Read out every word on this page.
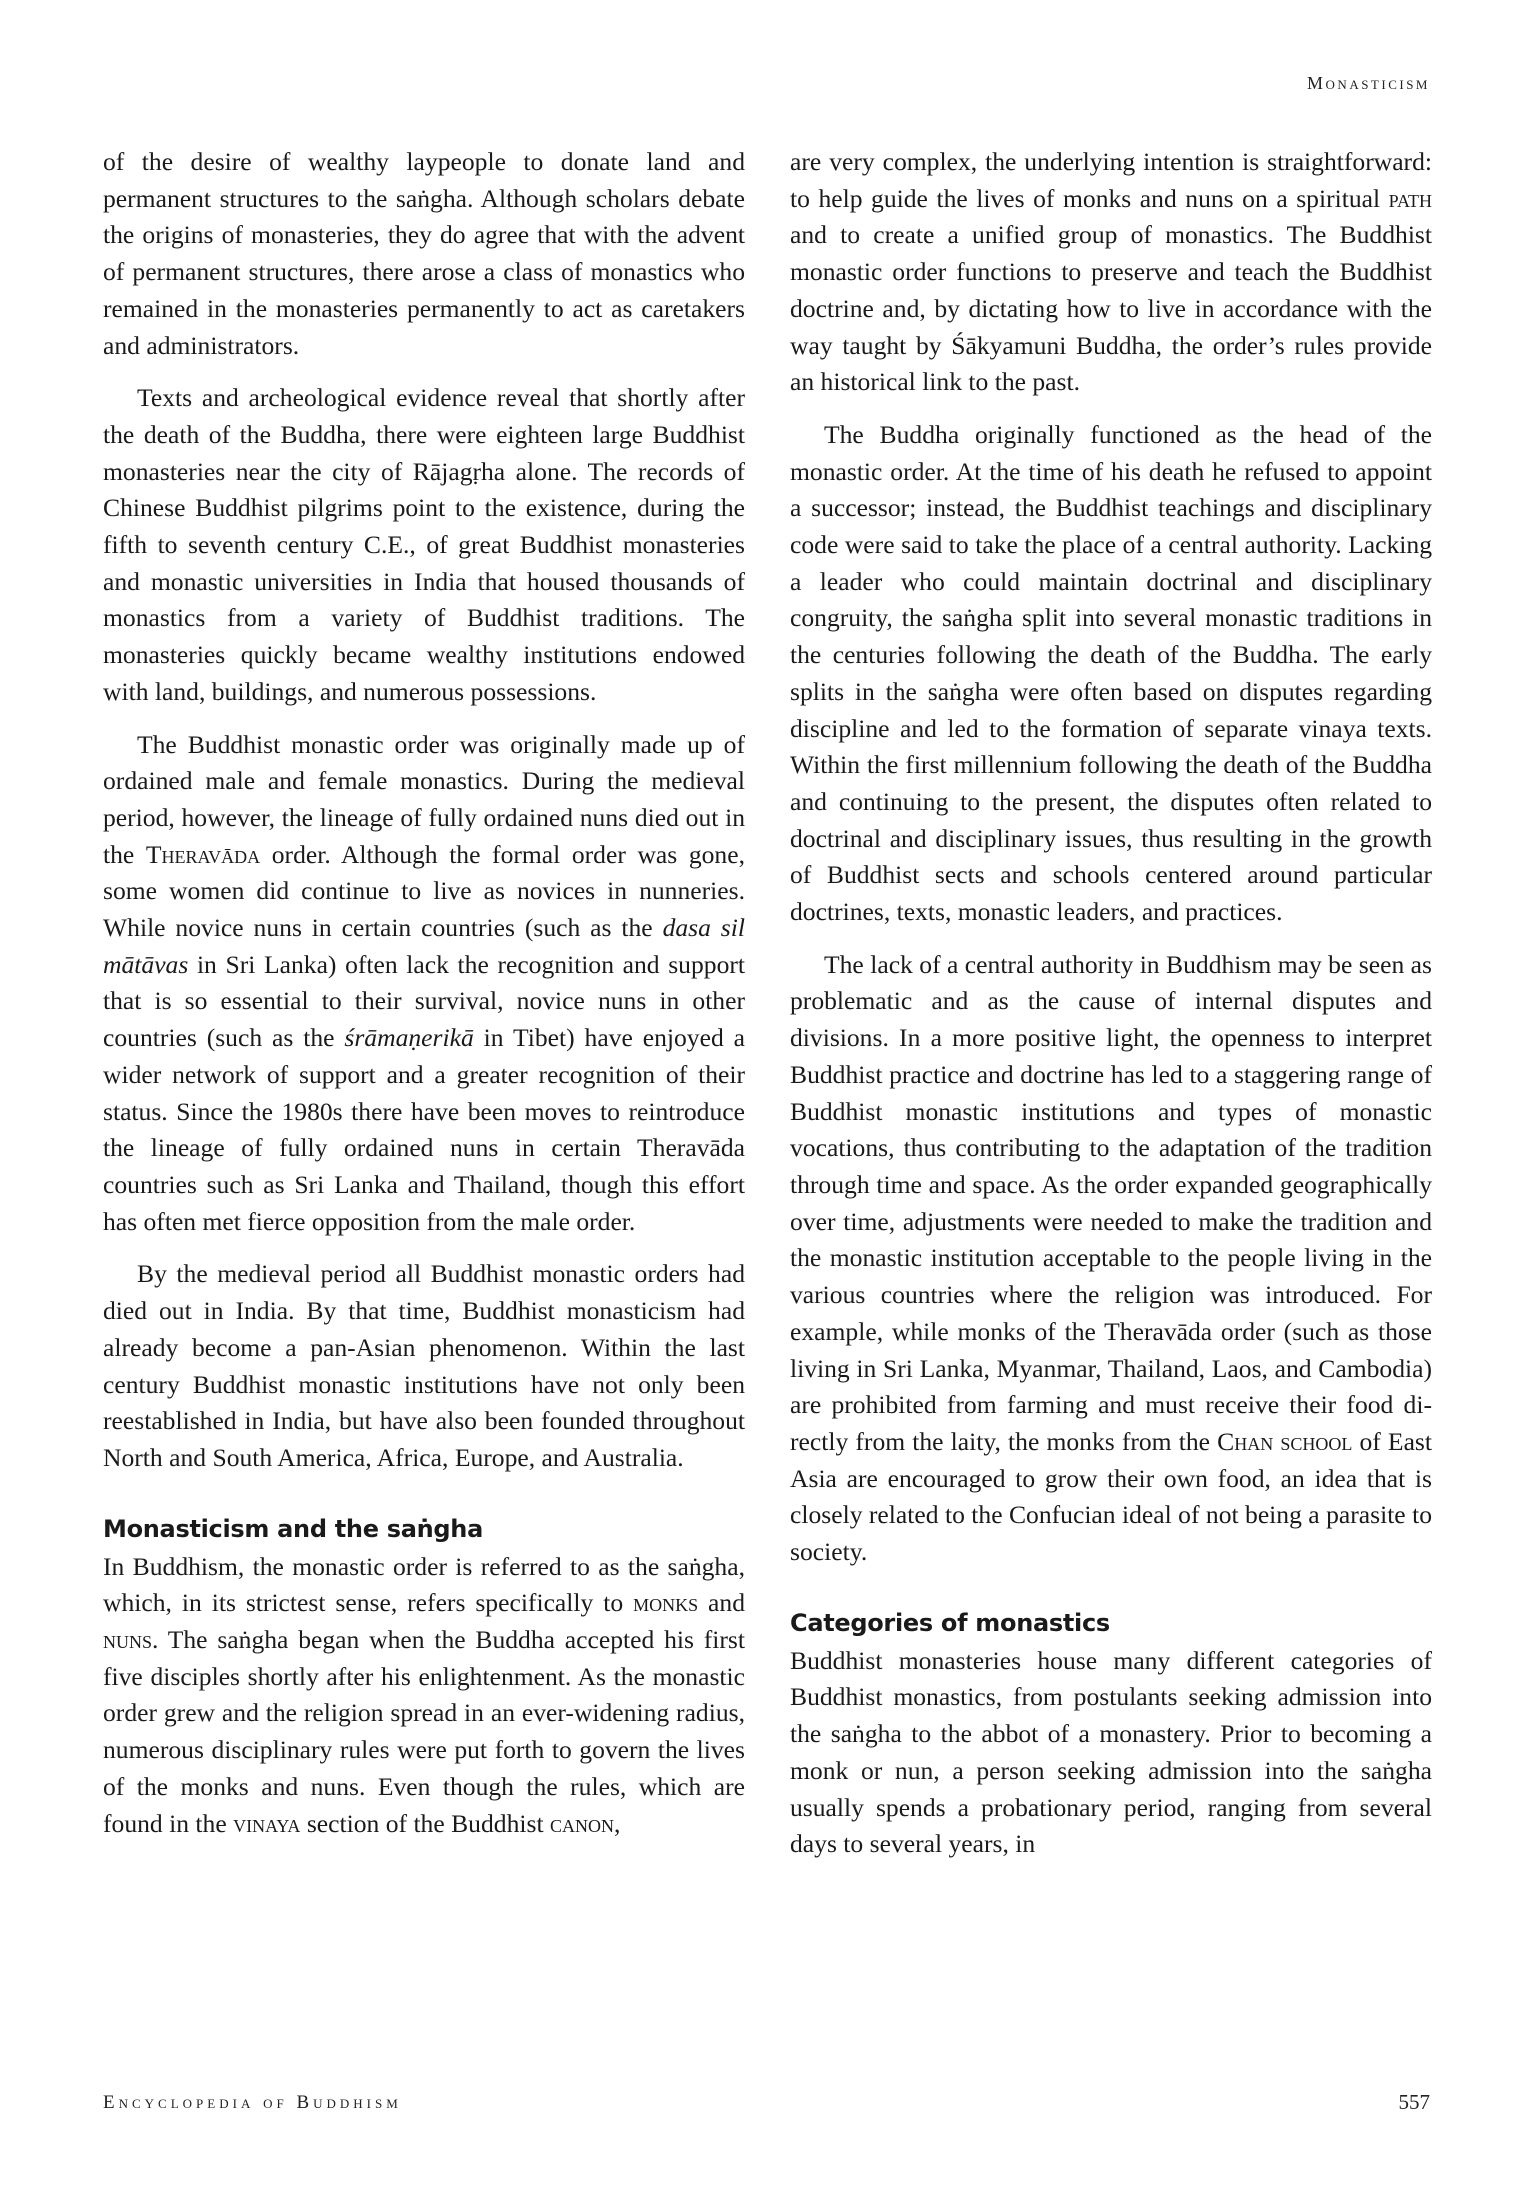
Monasticism

of the desire of wealthy laypeople to donate land and permanent structures to the saṅgha. Although scholars debate the origins of monasteries, they do agree that with the advent of permanent structures, there arose a class of monastics who remained in the monasteries permanently to act as caretakers and administrators.

Texts and archeological evidence reveal that shortly after the death of the Buddha, there were eighteen large Buddhist monasteries near the city of Rājagṛha alone. The records of Chinese Buddhist pilgrims point to the existence, during the fifth to seventh century C.E., of great Buddhist monasteries and monastic universities in India that housed thousands of monastics from a variety of Buddhist traditions. The monasteries quickly became wealthy institutions endowed with land, buildings, and numerous possessions.

The Buddhist monastic order was originally made up of ordained male and female monastics. During the medieval period, however, the lineage of fully ordained nuns died out in the Theravāda order. Although the formal order was gone, some women did continue to live as novices in nunneries. While novice nuns in certain countries (such as the dasa sil mātāvas in Sri Lanka) often lack the recognition and support that is so essential to their survival, novice nuns in other countries (such as the śrāmaṇerikā in Tibet) have enjoyed a wider network of support and a greater recognition of their status. Since the 1980s there have been moves to reintroduce the lineage of fully ordained nuns in certain Theravāda countries such as Sri Lanka and Thailand, though this effort has often met fierce opposition from the male order.

By the medieval period all Buddhist monastic orders had died out in India. By that time, Buddhist monasticism had already become a pan-Asian phenomenon. Within the last century Buddhist monastic institutions have not only been reestablished in India, but have also been founded throughout North and South America, Africa, Europe, and Australia.

Monasticism and the saṅgha

In Buddhism, the monastic order is referred to as the saṅgha, which, in its strictest sense, refers specifically to monks and nuns. The saṅgha began when the Buddha accepted his first five disciples shortly after his enlightenment. As the monastic order grew and the religion spread in an ever-widening radius, numerous disciplinary rules were put forth to govern the lives of the monks and nuns. Even though the rules, which are found in the vinaya section of the Buddhist canon,

are very complex, the underlying intention is straightforward: to help guide the lives of monks and nuns on a spiritual path and to create a unified group of monastics. The Buddhist monastic order functions to preserve and teach the Buddhist doctrine and, by dictating how to live in accordance with the way taught by Śākyamuni Buddha, the order’s rules provide an historical link to the past.

The Buddha originally functioned as the head of the monastic order. At the time of his death he refused to appoint a successor; instead, the Buddhist teachings and disciplinary code were said to take the place of a central authority. Lacking a leader who could maintain doctrinal and disciplinary congruity, the saṅgha split into several monastic traditions in the centuries following the death of the Buddha. The early splits in the saṅgha were often based on disputes regarding discipline and led to the formation of separate vinaya texts. Within the first millennium following the death of the Buddha and continuing to the present, the disputes often related to doctrinal and disciplinary issues, thus resulting in the growth of Buddhist sects and schools centered around particular doctrines, texts, monastic leaders, and practices.

The lack of a central authority in Buddhism may be seen as problematic and as the cause of internal disputes and divisions. In a more positive light, the openness to interpret Buddhist practice and doctrine has led to a staggering range of Buddhist monastic institutions and types of monastic vocations, thus contributing to the adaptation of the tradition through time and space. As the order expanded geographically over time, adjustments were needed to make the tradition and the monastic institution acceptable to the people living in the various countries where the religion was introduced. For example, while monks of the Theravāda order (such as those living in Sri Lanka, Myanmar, Thailand, Laos, and Cambodia) are prohibited from farming and must receive their food directly from the laity, the monks from the Chan school of East Asia are encouraged to grow their own food, an idea that is closely related to the Confucian ideal of not being a parasite to society.

Categories of monastics

Buddhist monasteries house many different categories of Buddhist monastics, from postulants seeking admission into the saṅgha to the abbot of a monastery. Prior to becoming a monk or nun, a person seeking admission into the saṅgha usually spends a probationary period, ranging from several days to several years, in

Encyclopedia of Buddhism	557
